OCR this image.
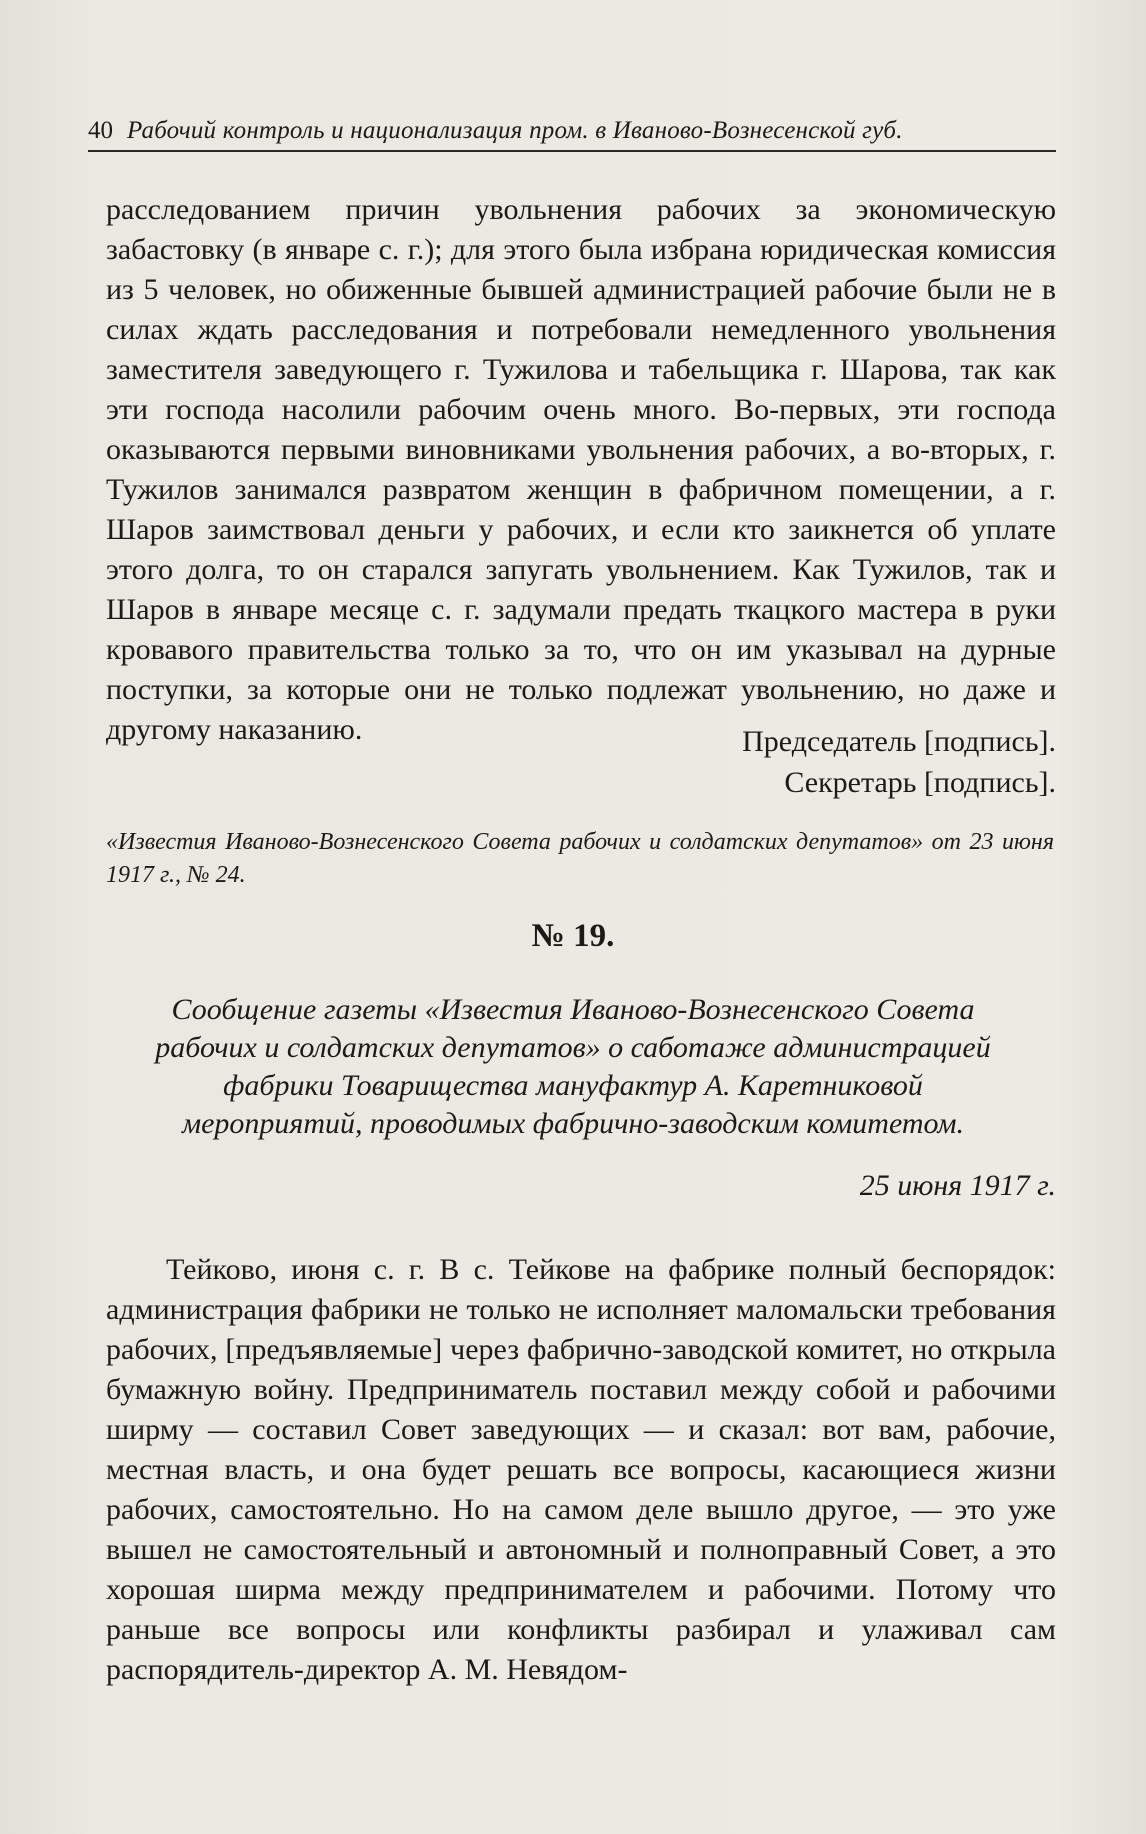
40 Рабочий контроль и национализация пром. в Иваново-Вознесенской губ.

расследованием причин увольнения рабочих за экономическую забастовку (в январе с. г.); для этого была избрана юридическая комиссия из 5 человек, но обиженные бывшей администрацией рабочие были не в силах ждать расследования и потребовали немедленного увольнения заместителя заведующего г. Тужилова и табельщика г. Шарова, так как эти господа насолили рабочим очень много. Во-первых, эти господа оказываются первыми виновниками увольнения рабочих, а во-вторых, г. Тужилов занимался развратом женщин в фабричном помещении, а г. Шаров заимствовал деньги у рабочих, и если кто заикнется об уплате этого долга, то он старался запугать увольнением. Как Тужилов, так и Шаров в январе месяце с. г. задумали предать ткацкого мастера в руки кровавого правительства только за то, что он им указывал на дурные поступки, за которые они не только подлежат увольнению, но даже и другому наказанию.	Председатель [подпись].
Секретарь [подпись].
«Известия Иваново-Вознесенского Совета рабочих и солдатских депутатов» от 23 июня 1917 г., № 24.
№ 19.
Сообщение газеты «Известия Иваново-Вознесенского Совета рабочих и солдатских депутатов» о саботаже администрацией фабрики Товарищества мануфактур А. Каретниковой мероприятий, проводимых фабрично-заводским комитетом.
25 июня 1917 г.

Тейково, июня с. г. В с. Тейкове на фабрике полный беспорядок: администрация фабрики не только не исполняет маломальски требования рабочих, [предъявляемые] через фабрично-заводской комитет, но открыла бумажную войну. Предприниматель поставил между собой и рабочими ширму — составил Совет заведующих — и сказал: вот вам, рабочие, местная власть, и она будет решать все вопросы, касающиеся жизни рабочих, самостоятельно. Но на самом деле вышло другое, — это уже вышел не самостоятельный и автономный и полноправный Совет, а это хорошая ширма между предпринимателем и рабочими. Потому что раньше все вопросы или конфликты разбирал и улаживал сам распорядитель-директор А. М. Невядом-
